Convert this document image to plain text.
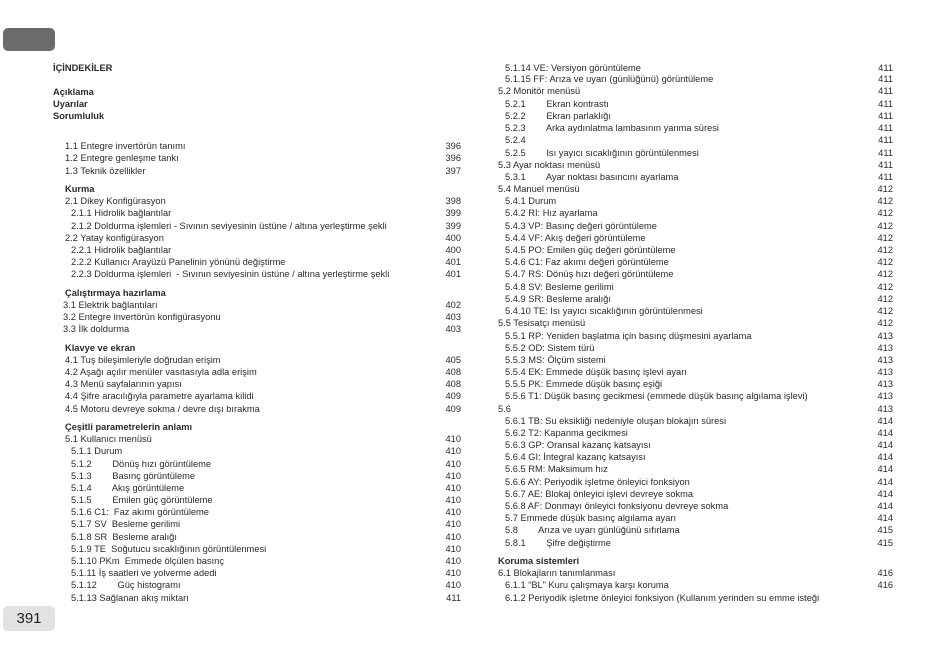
391
İÇİNDEKİLER
Açıklama
Uyarılar
Sorumluluk
1.1 Entegre invertörün tanımı	396
1.2 Entegre genleşme tankı	396
1.3 Teknik özellikler	397
Kurma
2.1 Dikey Konfigürasyon	398
2.1.1 Hidrolik bağlantılar	399
2.1.2 Doldurma işlemleri - Sıvının seviyesinin üstüne / altına yerleştirme şekli	399
2.2 Yatay konfigürasyon	400
2.2.1 Hidrolik bağlantılar	400
2.2.2 Kullanıcı Arayüzü Panelinin yönünü değiştirme	401
2.2.3 Doldurma işlemleri  - Sıvının seviyesinin üstüne / altına yerleştirme şekli	401
Çalıştırmaya hazırlama
3.1 Elektrik bağlantıları	402
3.2 Entegre invertörün konfigürasyonu	403
3.3 İlk doldurma	403
Klavye ve ekran
4.1 Tuş bileşimleriyle doğrudan erişim	405
4.2 Aşağı açılır menüler vasıtasıyla adla erişim	408
4.3 Menü sayfalarının yapısı	408
4.4 Şifre aracılığıyla parametre ayarlama kilidi	409
4.5 Motoru devreye sokma / devre dışı bırakma	409
Çeşitli parametrelerin anlamı
5.1 Kullanıcı menüsü	410
5.1.1 Durum	410
5.1.2        Dönüş hızı görüntüleme	410
5.1.3        Basınç görüntüleme	410
5.1.4        Akış görüntüleme	410
5.1.5        Emilen güç görüntüleme	410
5.1.6 C1:  Faz akımı görüntüleme	410
5.1.7 SV  Besleme gerilimi	410
5.1.8 SR  Besleme aralığı	410
5.1.9 TE  Soğutucu sıcaklığının görüntülenmesi	410
5.1.10 PKm  Emmede ölçülen basınç	410
5.1.11 İş saatleri ve yolverme adedi	410
5.1.12        Güç histogramı	410
5.1.13 Sağlanan akış miktarı	411
5.1.14 VE: Versiyon görüntüleme	411
5.1.15 FF: Arıza ve uyarı (günlüğünü) görüntüleme	411
5.2 Monitör menüsü	411
5.2.1        Ekran kontrastı	411
5.2.2        Ekran parlaklığı	411
5.2.3        Arka aydınlatma lambasının yanma süresi	411
5.2.4	411
5.2.5        Isı yayıcı sıcaklığının görüntülenmesi	411
5.3 Ayar noktası menüsü	411
5.3.1        Ayar noktası basıncını ayarlama	411
5.4 Manuel menüsü	412
5.4.1 Durum	412
5.4.2 RI: Hız ayarlama	412
5.4.3 VP: Basınç değeri görüntüleme	412
5.4.4 VF: Akış değeri görüntüleme	412
5.4.5 PO: Emilen güç değeri görüntüleme	412
5.4.6 C1: Faz akımı değeri görüntüleme	412
5.4.7 RS: Dönüş hızı değeri görüntüleme	412
5.4.8 SV: Besleme gerilimi	412
5.4.9 SR: Besleme aralığı	412
5.4.10 TE: Isı yayıcı sıcaklığının görüntülenmesi	412
5.5 Tesisatçı menüsü	412
5.5.1 RP: Yeniden başlatma için basınç düşmesini ayarlama	413
5.5.2 OD: Sistem türü	413
5.5.3 MS: Ölçüm sistemi	413
5.5.4 EK: Emmede düşük basınç işlevi ayarı	413
5.5.5 PK: Emmede düşük basınç eşiği	413
5.5.6 T1: Düşük basınç gecikmesi (emmede düşük basınç algılama işlevi)	413
5.6	413
5.6.1 TB: Su eksikliği nedeniyle oluşan blokajın süresi	414
5.6.2 T2: Kapanma gecikmesi	414
5.6.3 GP: Oransal kazanç katsayısı	414
5.6.4 GI: İntegral kazanç katsayısı	414
5.6.5 RM: Maksimum hız	414
5.6.6 AY: Periyodik işletme önleyici fonksiyon	414
5.6.7 AE: Blokaj önleyici işlevi devreye sokma	414
5.6.8 AF: Donmayı önleyici fonksiyonu devreye sokma	414
5.7 Emmede düşük basınç algılama ayarı	414
5.8        Arıza ve uyarı günlüğünü sıfırlama	415
5.8.1        Şifre değiştirme	415
Koruma sistemleri
6.1 Blokajların tanımlanması	416
6.1.1 “BL” Kuru çalışmaya karşı koruma	416
6.1.2 Periyodik işletme önleyici fonksiyon (Kullanım yerinden su emme isteği
